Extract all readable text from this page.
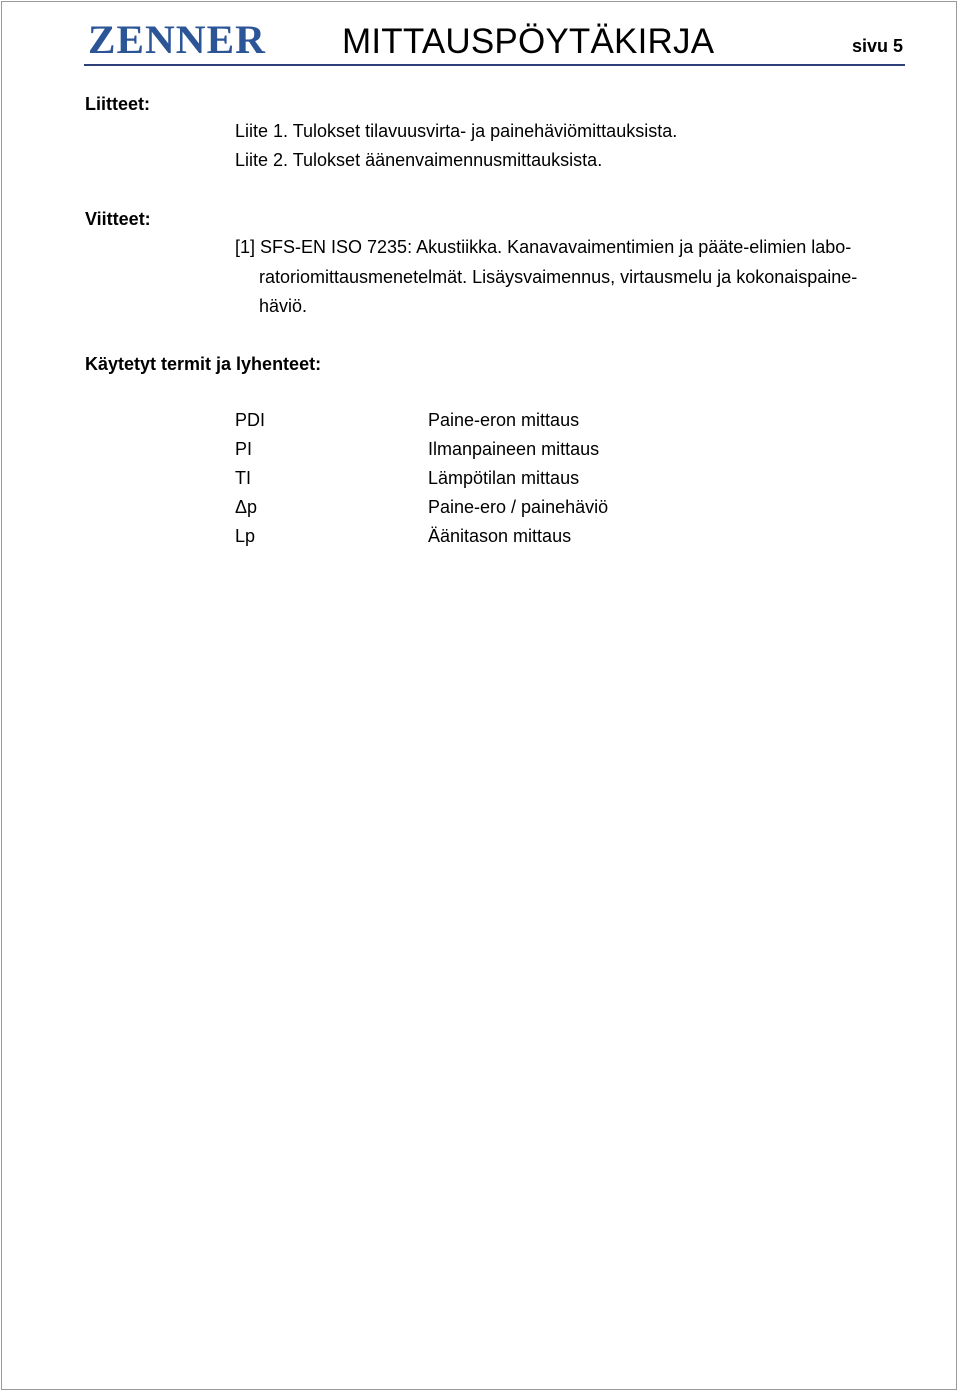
ZENNER MITTAUSPÖYTÄKIRJA	sivu 5
Liitteet:
Liite 1. Tulokset tilavuusvirta- ja painehäviömittauksista.
Liite 2. Tulokset äänenvaimennusmittauksista.
Viitteet:
[1] SFS-EN ISO 7235: Akustiikka. Kanavavaimentimien ja pääte-elimien labo-
ratoriomittausmenetelmät. Lisäysvaimennus, virtausmelu ja kokonaispaine-
häviö.
Käytetyt termit ja lyhenteet:
PDI	Paine-eron mittaus
PI	Ilmanpaineen mittaus
TI	Lämpötilan mittaus
Δp	Paine-ero / painehäviö
Lp	Äänitason mittaus
